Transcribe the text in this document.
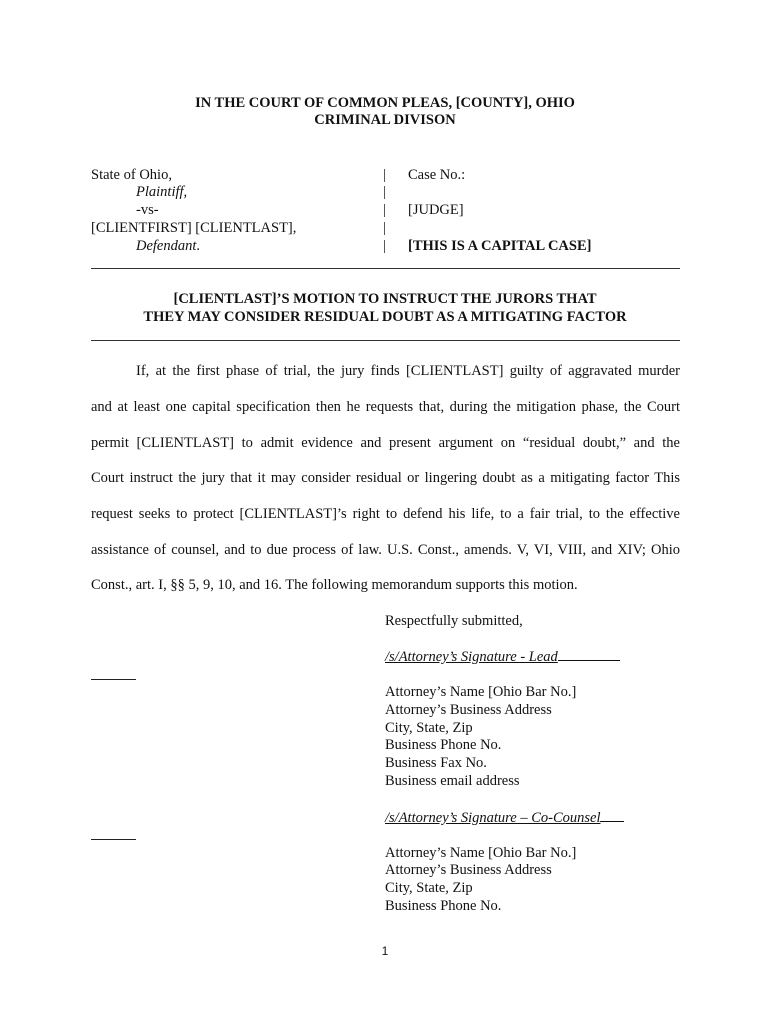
IN THE COURT OF COMMON PLEAS, [COUNTY], OHIO
CRIMINAL DIVISON
State of Ohio,
Plaintiff,
-vs-
[CLIENTFIRST] [CLIENTLAST],
Defendant.
|
|
|
|
|
Case No.:
[JUDGE]
[THIS IS A CAPITAL CASE]
[CLIENTLAST]’S MOTION TO INSTRUCT THE JURORS THAT
THEY MAY CONSIDER RESIDUAL DOUBT AS A MITIGATING FACTOR
If, at the first phase of trial, the jury finds [CLIENTLAST] guilty of aggravated murder
and at least one capital specification then he requests that, during the mitigation phase, the Court
permit [CLIENTLAST] to admit evidence and present argument on “residual doubt,” and the
Court instruct the jury that it may consider residual or lingering doubt as a mitigating factor This
request seeks to protect [CLIENTLAST]’s right to defend his life, to a fair trial, to the effective
assistance of counsel, and to due process of law. U.S. Const., amends. V, VI, VIII, and XIV; Ohio
Const., art. I, §§ 5, 9, 10, and 16. The following memorandum supports this motion.
Respectfully submitted,
/s/Attorney’s Signature - Lead
Attorney’s Name [Ohio Bar No.]
Attorney’s Business Address
City, State, Zip
Business Phone No.
Business Fax No.
Business email address
/s/Attorney’s Signature – Co-Counsel
Attorney’s Name [Ohio Bar No.]
Attorney’s Business Address
City, State, Zip
Business Phone No.
1
